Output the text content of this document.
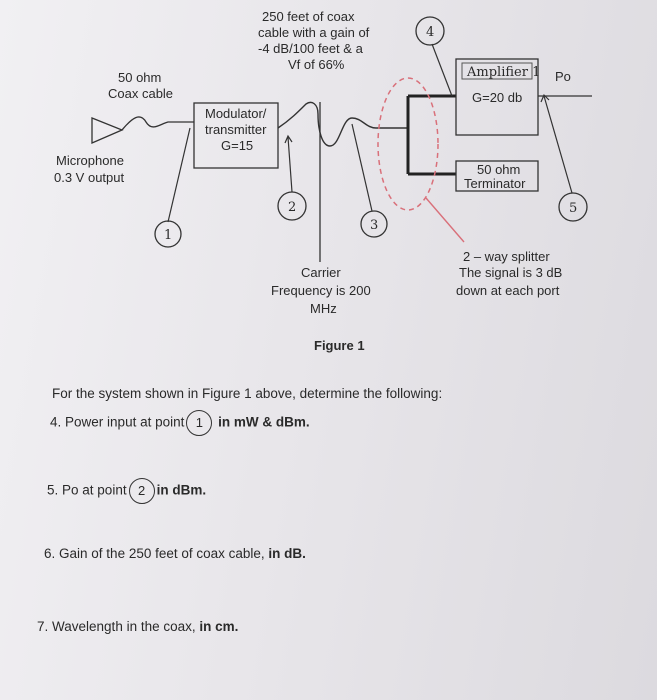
250 feet of coax
cable with a gain of
-4 dB/100 feet & a
Vf of 66%
50 ohm
Coax cable
Microphone
0.3 V output
Modulator/
transmitter
G=15
Amplifier 1
G=20 db
Po
50 ohm
Terminator
Carrier
Frequency is 200
MHz
2 – way splitter
The signal is 3 dB
down at each port
1
2
3
4
5
Figure 1
For the system shown in Figure 1 above, determine the following:
4. Power input at point 1 in mW & dBm.
5. Po at point 2 in dBm.
6. Gain of the 250 feet of coax cable, in dB.
7. Wavelength in the coax, in cm.
